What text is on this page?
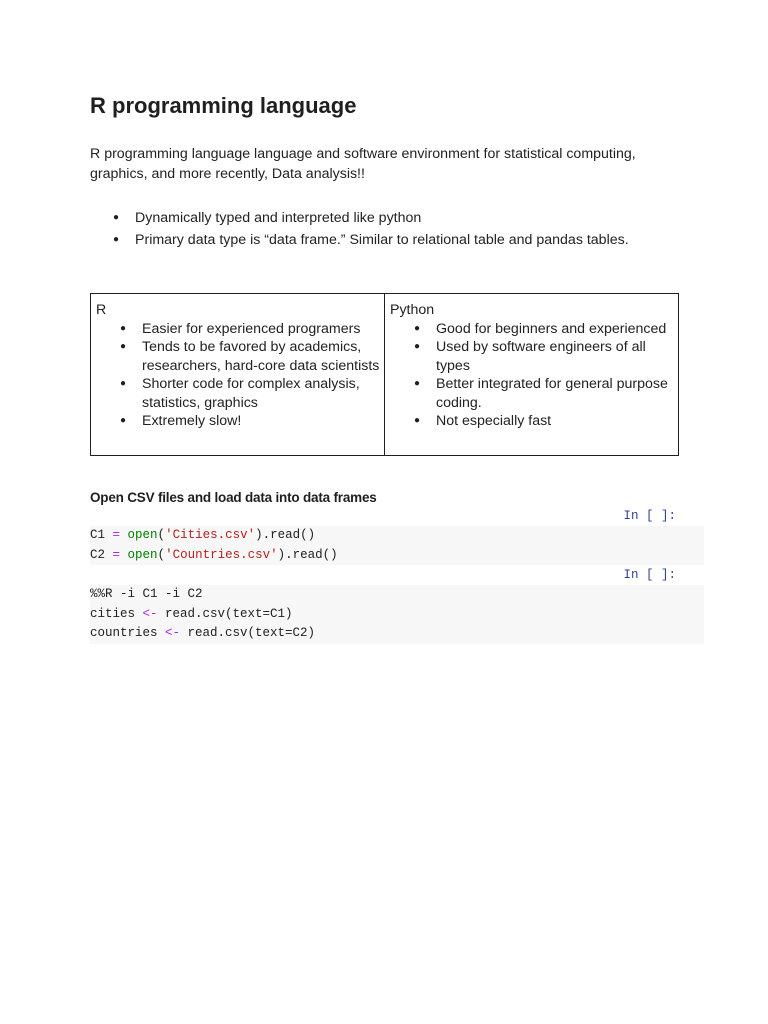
R programming language

R programming language language and software environment for statistical computing, graphics, and more recently, Data analysis!!

● Dynamically typed and interpreted like python
● Primary data type is “data frame.” Similar to relational table and pandas tables.
R
● Easier for experienced programers
● Tends to be favored by academics, researchers, hard-core data scientists
● Shorter code for complex analysis, statistics, graphics
● Extremely slow!
Python
● Good for beginners and experienced
● Used by software engineers of all types
● Better integrated for general purpose coding.
● Not especially fast
Open CSV files and load data into data frames
In [ ]:
C1 = open('Cities.csv').read()
C2 = open('Countries.csv').read()
In [ ]:
%%R -i C1 -i C2
cities <- read.csv(text=C1)
countries <- read.csv(text=C2)
